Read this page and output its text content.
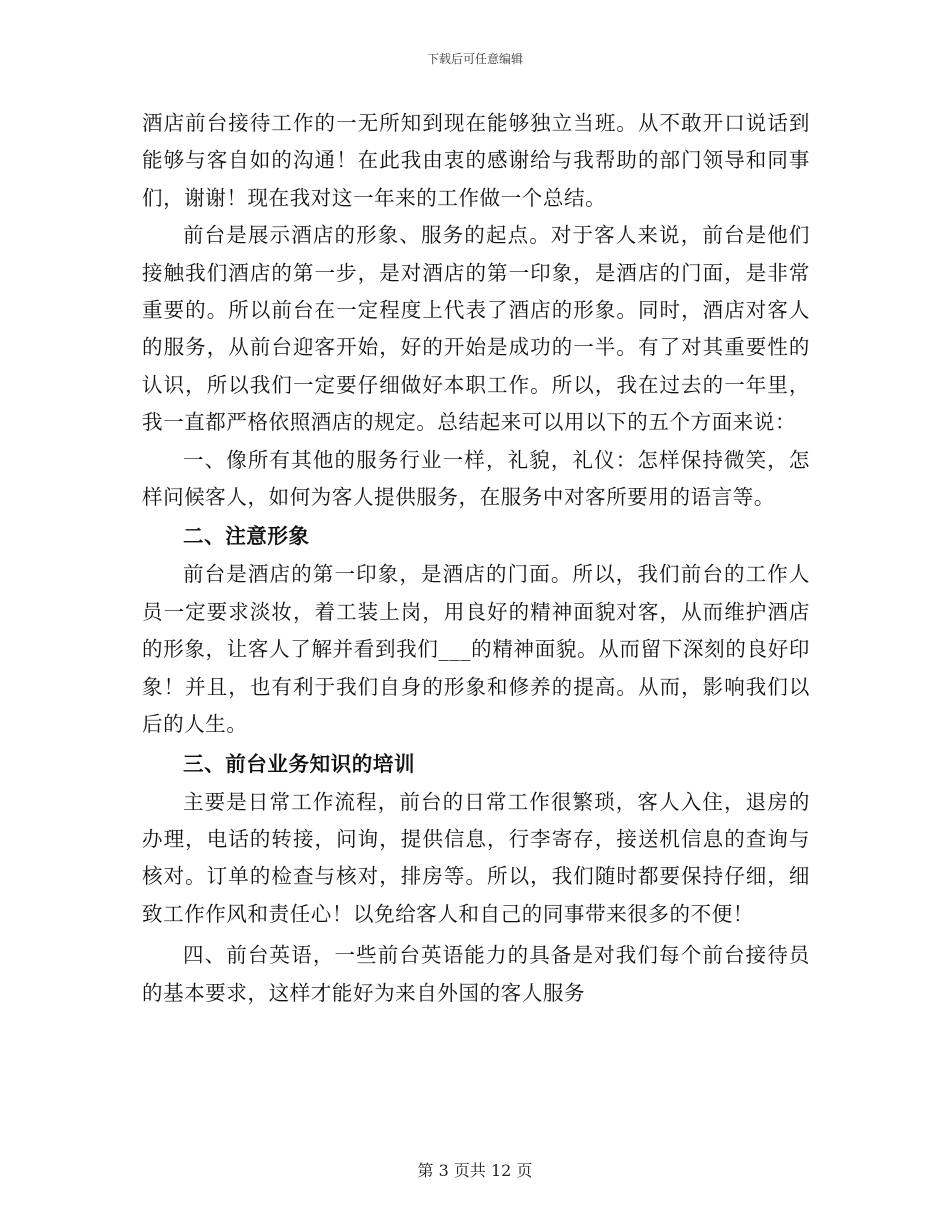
下载后可任意编辑

酒店前台接待工作的一无所知到现在能够独立当班。从不敢开口说话到能够与客自如的沟通！在此我由衷的感谢给与我帮助的部门领导和同事们，谢谢！现在我对这一年来的工作做一个总结。

前台是展示酒店的形象、服务的起点。对于客人来说，前台是他们接触我们酒店的第一步，是对酒店的第一印象，是酒店的门面，是非常重要的。所以前台在一定程度上代表了酒店的形象。同时，酒店对客人的服务，从前台迎客开始，好的开始是成功的一半。有了对其重要性的认识，所以我们一定要仔细做好本职工作。所以，我在过去的一年里，我一直都严格依照酒店的规定。总结起来可以用以下的五个方面来说：

一、像所有其他的服务行业一样，礼貌，礼仪：怎样保持微笑，怎样问候客人，如何为客人提供服务，在服务中对客所要用的语言等。

二、注意形象

前台是酒店的第一印象，是酒店的门面。所以，我们前台的工作人员一定要求淡妆，着工装上岗，用良好的精神面貌对客，从而维护酒店的形象，让客人了解并看到我们___的精神面貌。从而留下深刻的良好印象！并且，也有利于我们自身的形象和修养的提高。从而，影响我们以后的人生。

三、前台业务知识的培训

主要是日常工作流程，前台的日常工作很繁琐，客人入住，退房的办理，电话的转接，问询，提供信息，行李寄存，接送机信息的查询与核对。订单的检查与核对，排房等。所以，我们随时都要保持仔细，细致工作作风和责任心！以免给客人和自己的同事带来很多的不便！

四、前台英语，一些前台英语能力的具备是对我们每个前台接待员的基本要求，这样才能好为来自外国的客人服务

第 3 页共 12 页
